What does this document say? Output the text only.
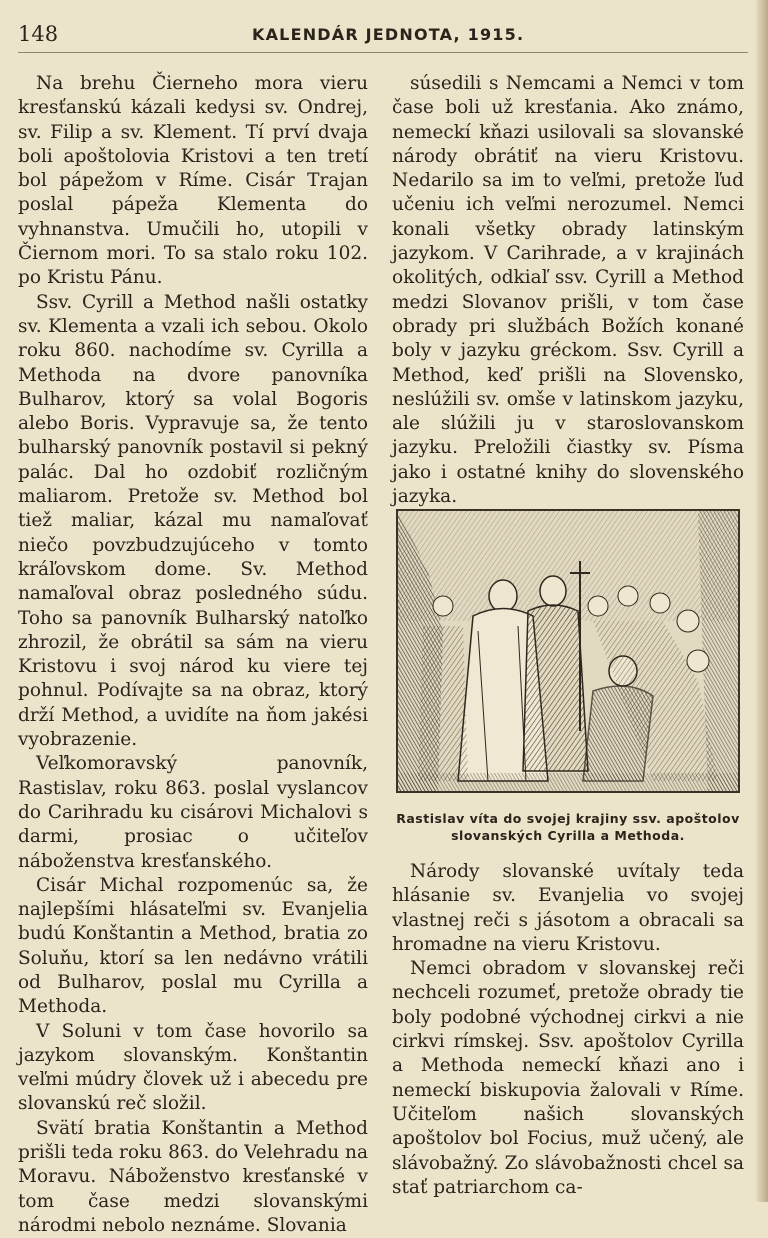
148	KALENDÁR JEDNOTA, 1915.

Na brehu Čierneho mora vieru kresťanskú kázali kedysi sv. Ondrej, sv. Filip a sv. Klement. Tí prví dvaja boli apoštolovia Kristovi a ten tretí bol pápežom v Ríme. Cisár Trajan poslal pápeža Klementa do vyhnanstva. Umučili ho, utopili v Čiernom mori. To sa stalo roku 102. po Kristu Pánu.

Ssv. Cyrill a Method našli ostatky sv. Klementa a vzali ich sebou. Okolo roku 860. nachodíme sv. Cyrilla a Methoda na dvore panovníka Bulharov, ktorý sa volal Bogoris alebo Boris. Vypravuje sa, že tento bulharský panovník postavil si pekný palác. Dal ho ozdobiť rozličným maliarom. Pretože sv. Method bol tiež maliar, kázal mu namaľovať niečo povzbudzujúceho v tomto kráľovskom dome. Sv. Method namaľoval obraz posledného súdu. Toho sa panovník Bulharský natoľko zhrozil, že obrátil sa sám na vieru Kristovu i svoj národ ku viere tej pohnul. Podívajte sa na obraz, ktorý drží Method, a uvidíte na ňom jakési vyobrazenie.

Veľkomoravský panovník, Rastislav, roku 863. poslal vyslancov do Carihradu ku cisárovi Michalovi s darmi, prosiac o učiteľov náboženstva kresťanského.

Cisár Michal rozpomenúc sa, že najlepšími hlásateľmi sv. Evanjelia budú Konštantin a Method, bratia zo Soluňu, ktorí sa len nedávno vrátili od Bulharov, poslal mu Cyrilla a Methoda.

V Soluni v tom čase hovorilo sa jazykom slovanským. Konštantin veľmi múdry človek už i abecedu pre slovanskú reč složil.

Svätí bratia Konštantin a Method prišli teda roku 863. do Velehradu na Moravu. Náboženstvo kresťanské v tom čase medzi slovanskými národmi nebolo neznáme. Slovania

súsedili s Nemcami a Nemci v tom čase boli už kresťania. Ako známo, nemeckí kňazi usilovali sa slovanské národy obrátiť na vieru Kristovu. Nedarilo sa im to veľmi, pretože ľud učeniu ich veľmi nerozumel. Nemci konali všetky obrady latinským jazykom. V Carihrade, a v krajinách okolitých, odkiaľ ssv. Cyrill a Method medzi Slovanov prišli, v tom čase obrady pri službách Božích konané boly v jazyku gréckom. Ssv. Cyrill a Method, keď prišli na Slovensko, neslúžili sv. omše v latinskom jazyku, ale slúžili ju v staroslovanskom jazyku. Preložili čiastky sv. Písma jako i ostatné knihy do slovenského jazyka.

Rastislav víta do svojej krajiny ssv. apoštolov slovanských Cyrilla a Methoda.

Národy slovanské uvítaly teda hlásanie sv. Evanjelia vo svojej vlastnej reči s jásotom a obracali sa hromadne na vieru Kristovu.

Nemci obradom v slovanskej reči nechceli rozumeť, pretože obrady tie boly podobné východnej cirkvi a nie cirkvi rímskej. Ssv. apoštolov Cyrilla a Methoda nemeckí kňazi ano i nemeckí biskupovia žalovali v Ríme. Učiteľom našich slovanských apoštolov bol Focius, muž učený, ale slávobažný. Zo slávobažnosti chcel sa stať patriarchom ca-
